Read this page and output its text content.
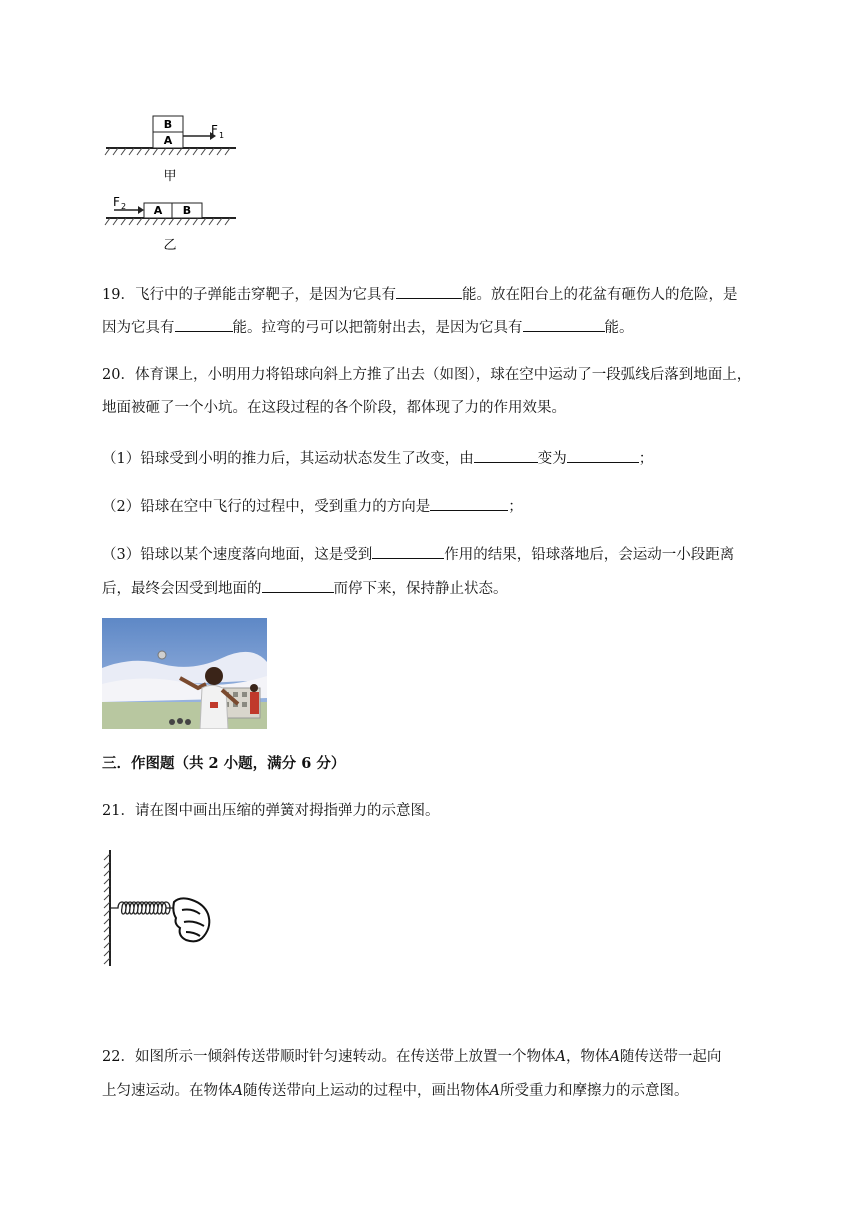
B
A
F 1
甲
A B
F 2
乙
19．飞行中的子弹能击穿靶子，是因为它具有	能。放在阳台上的花盆有砸伤人的危险，是
因为它具有	能。拉弯的弓可以把箭射出去，是因为它具有	能。
20．体育课上，小明用力将铅球向斜上方推了出去（如图），球在空中运动了一段弧线后落到地面上，
地面被砸了一个小坑。在这段过程的各个阶段，都体现了力的作用效果。
（1）铅球受到小明的推力后，其运动状态发生了改变，由	变为	；
（2）铅球在空中飞行的过程中，受到重力的方向是	；
（3）铅球以某个速度落向地面，这是受到	作用的结果，铅球落地后，会运动一小段距离
后，最终会因受到地面的	而停下来，保持静止状态。
三．作图题（共 2 小题，满分 6 分）
21．请在图中画出压缩的弹簧对拇指弹力的示意图。
22．如图所示一倾斜传送带顺时针匀速转动。在传送带上放置一个物体A，物体A随传送带一起向
上匀速运动。在物体A随传送带向上运动的过程中，画出物体A所受重力和摩擦力的示意图。
